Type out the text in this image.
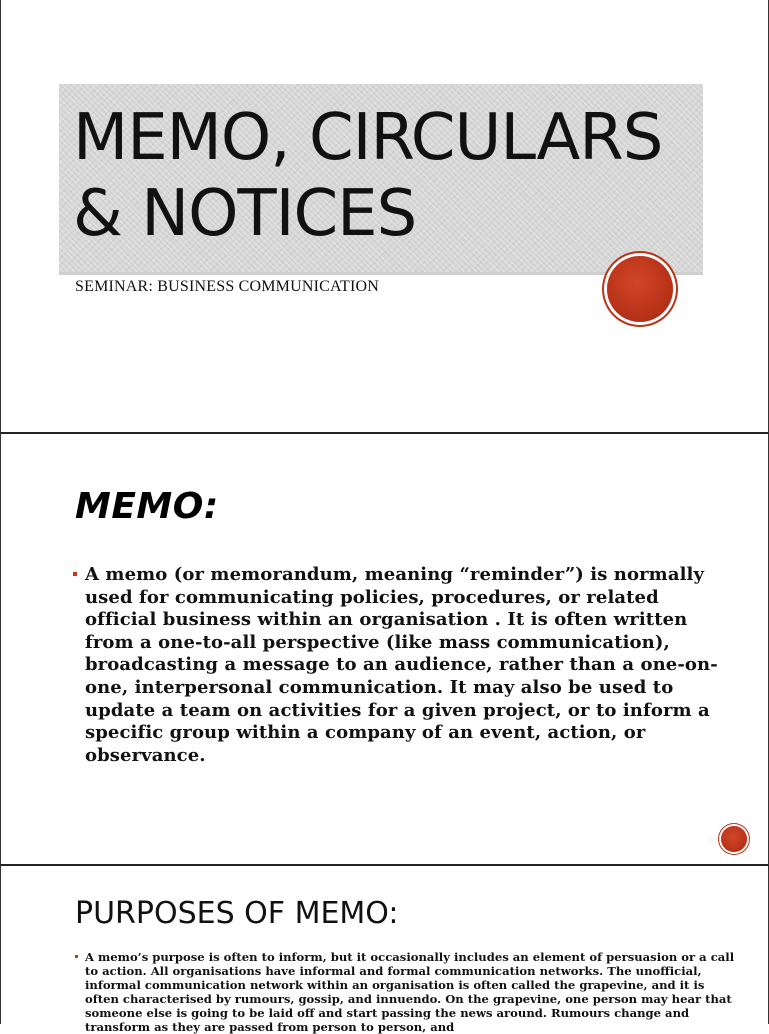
MEMO, CIRCULARS
& NOTICES
SEMINAR: BUSINESS COMMUNICATION
MEMO:

A memo (or memorandum, meaning “reminder”) is normally used for communicating policies, procedures, or related official business within an organisation . It is often written from a one-to-all perspective (like mass communication), broadcasting a message to an audience, rather than a one-on-one, interpersonal communication. It may also be used to update a team on activities for a given project, or to inform a specific group within a company of an event, action, or observance.

PURPOSES OF MEMO:

A memo’s purpose is often to inform, but it occasionally includes an element of persuasion or a call to action. All organisations have informal and formal communication networks. The unofficial, informal communication network within an organisation is often called the grapevine, and it is often characterised by rumours, gossip, and innuendo. On the grapevine, one person may hear that someone else is going to be laid off and start passing the news around. Rumours change and transform as they are passed from person to person, and
